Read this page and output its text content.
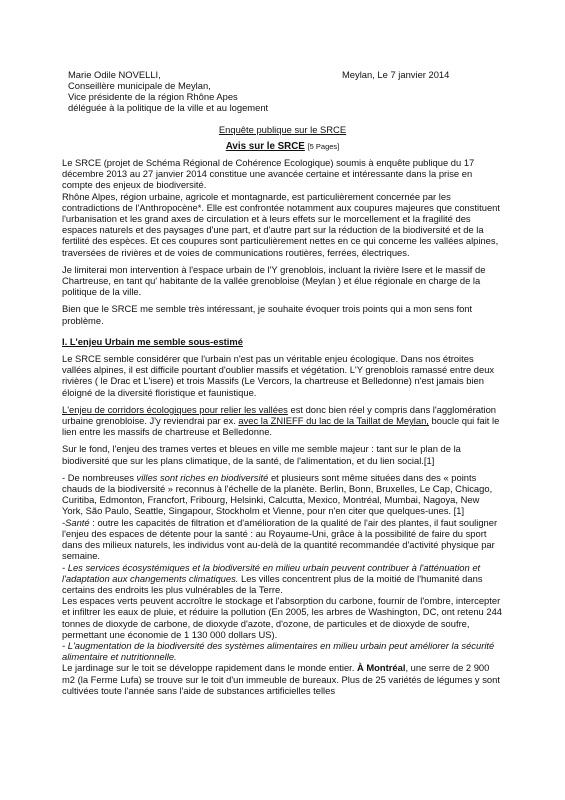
Marie Odile NOVELLI,
Conseillère municipale de Meylan,
Vice présidente de la région Rhône Apes
déléguée à la politique de la ville et au logement
Meylan, Le 7 janvier 2014
Enquête publique sur le SRCE
Avis sur le SRCE [5 Pages]

Le SRCE (projet de Schéma Régional de Cohérence Ecologique) soumis à enquête publique du 17 décembre 2013 au 27 janvier 2014 constitue une avancée certaine et intéressante dans la prise en compte des enjeux de biodiversité.

Rhône Alpes, région urbaine, agricole et montagnarde, est particulièrement concernée par les contradictions de l'Anthropocène*. Elle est confrontée notamment aux coupures majeures que constituent l'urbanisation et les grand axes de circulation et à leurs effets sur le morcellement et la fragilité des espaces naturels et des paysages d'une part, et d'autre part sur la réduction de la biodiversité et de la fertilité des espèces. Et ces coupures sont particulièrement nettes en ce qui concerne les vallées alpines, traversées de rivières et de voies de communications routières, ferrées, électriques.

Je limiterai mon intervention à l'espace urbain de l'Y grenoblois, incluant la rivière Isere et le massif de Chartreuse, en tant qu' habitante de la vallée grenobloise (Meylan ) et élue régionale en charge de la politique de la ville.

Bien que le SRCE me semble très intéressant, je souhaite évoquer trois points qui a mon sens font problème.

I. L'enjeu Urbain me semble sous-estimé

Le SRCE semble considérer que l'urbain n'est pas un véritable enjeu écologique. Dans nos étroites vallées alpines, il est difficile pourtant d'oublier massifs et végétation. L'Y grenoblois ramassé entre deux rivières ( le Drac et L'isere) et trois Massifs (Le Vercors, la chartreuse et Belledonne) n'est jamais bien éloigné de la diversité floristique et faunistique.

L'enjeu de corridors écologiques pour relier les vallées est donc bien réel y compris dans l'agglomération urbaine grenobloise. J'y reviendrai par ex. avec la ZNIEFF du lac de la Taillat de Meylan, boucle qui fait le lien entre les massifs de chartreuse et Belledonne.

Sur le fond, l'enjeu des trames vertes et bleues en ville me semble majeur : tant sur le plan de la biodiversité que sur les plans climatique, de la santé, de l'alimentation, et du lien social.[1]

- De nombreuses villes sont riches en biodiversité et plusieurs sont même situées dans des « points chauds de la biodiversité » reconnus à l'échelle de la planète. Berlin, Bonn, Bruxelles, Le Cap, Chicago, Curitiba, Edmonton, Francfort, Fribourg, Helsinki, Calcutta, Mexico, Montréal, Mumbai, Nagoya, New York, São Paulo, Seattle, Singapour, Stockholm et Vienne, pour n'en citer que quelques-unes. [1]

-Santé : outre les capacités de filtration et d'amélioration de la qualité de l'air des plantes, il faut souligner l'enjeu des espaces de détente pour la santé : au Royaume-Uni, grâce à la possibilité de faire du sport dans des milieux naturels, les individus vont au-delà de la quantité recommandée d'activité physique par semaine.

- Les services écosystémiques et la biodiversité en milieu urbain peuvent contribuer à l'atténuation et l'adaptation aux changements climatiques. Les villes concentrent plus de la moitié de l'humanité dans certains des endroits les plus vulnérables de la Terre.

Les espaces verts peuvent accroître le stockage et l'absorption du carbone, fournir de l'ombre, intercepter et infiltrer les eaux de pluie, et réduire la pollution (En 2005, les arbres de Washington, DC, ont retenu 244 tonnes de dioxyde de carbone, de dioxyde d'azote, d'ozone, de particules et de dioxyde de soufre, permettant une économie de 1 130 000 dollars US).

- L'augmentation de la biodiversité des systèmes alimentaires en milieu urbain peut améliorer la sécurité alimentaire et nutritionnelle.

Le jardinage sur le toit se développe rapidement dans le monde entier. À Montréal, une serre de 2 900 m2 (la Ferme Lufa) se trouve sur le toit d'un immeuble de bureaux. Plus de 25 variétés de légumes y sont cultivées toute l'année sans l'aide de substances artificielles telles
